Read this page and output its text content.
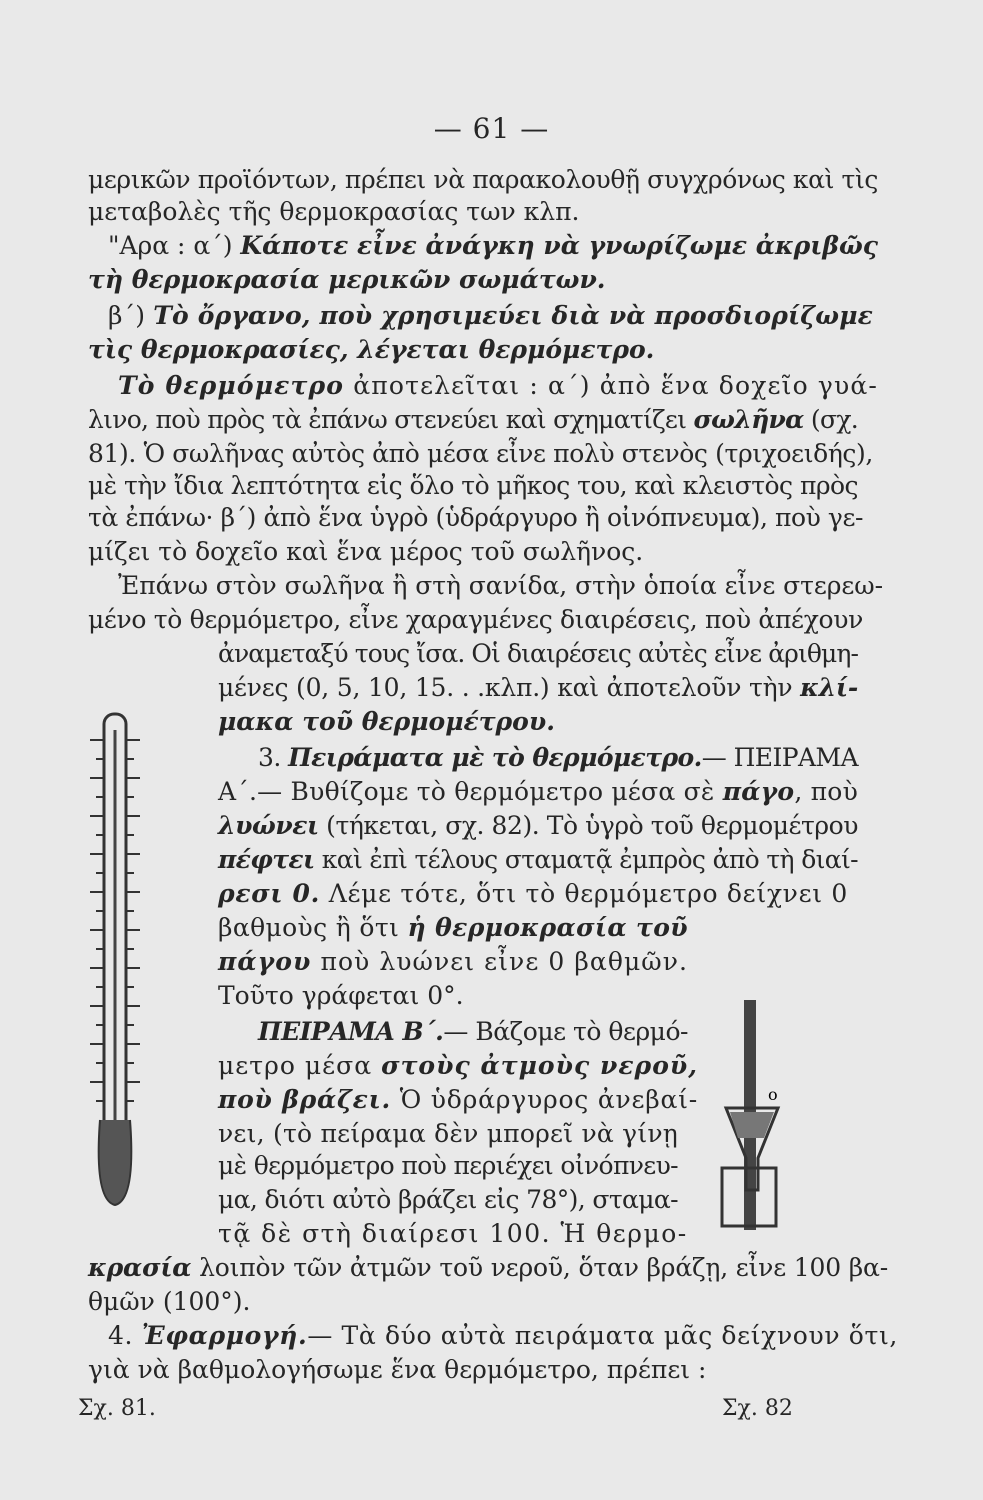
— 61 —
μερικῶν προϊόντων, πρέπει νὰ παρακολουθῇ συγχρόνως καὶ τὶς
μεταβολὲς τῆς θερμοκρασίας των κλπ.
"Αρα : α΄) Κάποτε εἶνε ἀνάγκη νὰ γνωρίζωμε ἀκριβῶς
τὴ θερμοκρασία μερικῶν σωμάτων.
β΄) Τὸ ὄργανο, ποὺ χρησιμεύει διὰ νὰ προσδιορίζωμε
τὶς θερμοκρασίες, λέγεται θερμόμετρο.
Τὸ θερμόμετρο ἀποτελεῖται : α΄) ἀπὸ ἕνα δοχεῖο γυά-
λινο, ποὺ πρὸς τὰ ἐπάνω στενεύει καὶ σχηματίζει σωλῆνα (σχ.
81). Ὁ σωλῆνας αὐτὸς ἀπὸ μέσα εἶνε πολὺ στενὸς (τριχοειδής),
μὲ τὴν ἴδια λεπτότητα εἰς ὅλο τὸ μῆκος του, καὶ κλειστὸς πρὸς
τὰ ἐπάνω· β΄) ἀπὸ ἕνα ὑγρὸ (ὑδράργυρο ἢ οἰνόπνευμα), ποὺ γε-
μίζει τὸ δοχεῖο καὶ ἕνα μέρος τοῦ σωλῆνος.
Ἐπάνω στὸν σωλῆνα ἢ στὴ σανίδα, στὴν ὁποία εἶνε στερεω-
μένο τὸ θερμόμετρο, εἶνε χαραγμένες διαιρέσεις, ποὺ ἀπέχουν
ἀναμεταξύ τους ἴσα. Οἱ διαιρέσεις αὐτὲς εἶνε ἀριθμη-
μένες (0, 5, 10, 15. . .κλπ.) καὶ ἀποτελοῦν τὴν κλί-
μακα τοῦ θερμομέτρου.
3. Πειράματα μὲ τὸ θερμόμετρο.— ΠΕΙΡΑΜΑ
Α΄.— Βυθίζομε τὸ θερμόμετρο μέσα σὲ πάγο, ποὺ
λυώνει (τήκεται, σχ. 82). Τὸ ὑγρὸ τοῦ θερμομέτρου
πέφτει καὶ ἐπὶ τέλους σταματᾷ ἐμπρὸς ἀπὸ τὴ διαί-
ρεσι 0. Λέμε τότε, ὅτι τὸ θερμόμετρο δείχνει 0
βαθμοὺς ἢ ὅτι ἡ θερμοκρασία τοῦ
πάγου ποὺ λυώνει εἶνε 0 βαθμῶν.
Τοῦτο γράφεται 0°.
ΠΕΙΡΑΜΑ Β΄.— Βάζομε τὸ θερμό-
μετρο μέσα στοὺς ἀτμοὺς νεροῦ,
ποὺ βράζει. Ὁ ὑδράργυρος ἀνεβαί-
νει, (τὸ πείραμα δὲν μπορεῖ νὰ γίνῃ
μὲ θερμόμετρο ποὺ περιέχει οἰνόπνευ-
μα, διότι αὐτὸ βράζει εἰς 78°), σταμα-
τᾷ δὲ στὴ διαίρεσι 100. Ἡ θερμο-
κρασία λοιπὸν τῶν ἀτμῶν τοῦ νεροῦ, ὅταν βράζῃ, εἶνε 100 βα-
θμῶν (100°).
4. Ἐφαρμογή.— Τὰ δύο αὐτὰ πειράματα μᾶς δείχνουν ὅτι,
γιὰ νὰ βαθμολογήσωμε ἕνα θερμόμετρο, πρέπει :
Σχ. 81.
o
Σχ. 82
